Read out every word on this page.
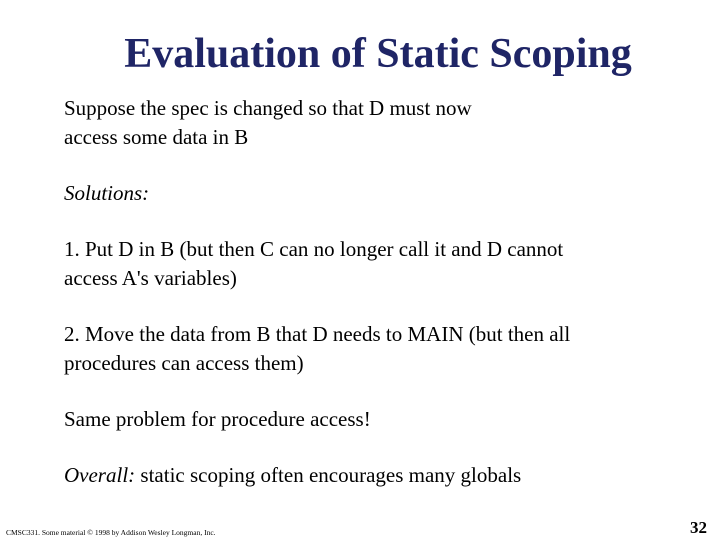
Evaluation of Static Scoping

Suppose the spec is changed so that D must now
access some data in B

Solutions:

1. Put D in B (but then C can no longer call it and D cannot
access A's variables)

2. Move the data from B that D needs to MAIN (but then all
procedures can access them)

Same problem for procedure access!

Overall: static scoping often encourages many globals

CMSC331. Some material © 1998 by Addison Wesley Longman, Inc.	32
